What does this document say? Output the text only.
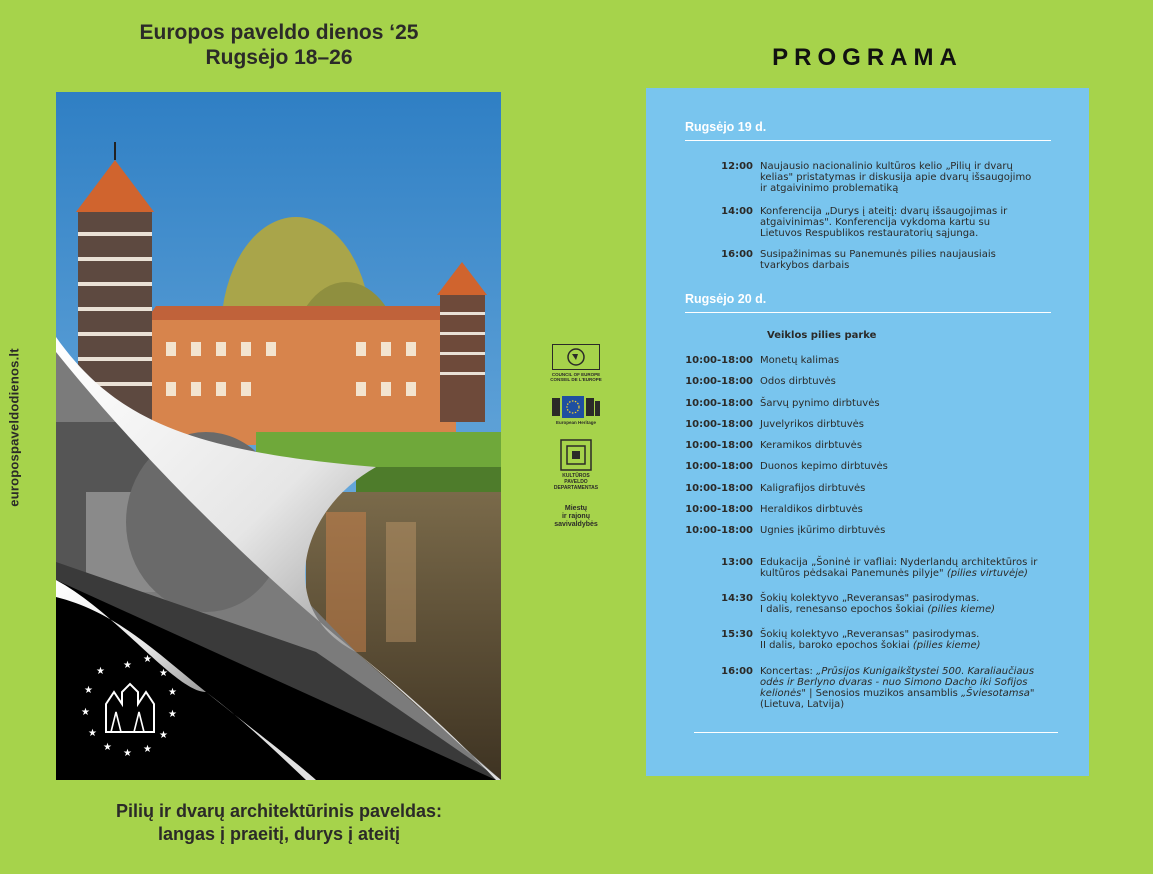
Europos paveldo dienos ‘25
Rugsėjo 18–26
europospaveldodienos.lt
★
★
★
★
★
★
★
★
★
★
★
★
★
Pilių ir dvarų architektūrinis paveldas:
langas į praeitį, durys į ateitį
COUNCIL OF EUROPE CONSEIL DE L'EUROPE
European Heritage
KULTŪROS
PAVELDO
DEPARTAMENTAS
Miestų
ir rajonų
savivaldybės
PROGRAMA
Rugsėjo 19 d.
12:00 Naujausio nacionalinio kultūros kelio „Pilių ir dvarų
kelias" pristatymas ir diskusija apie dvarų išsaugojimo
ir atgaivinimo problematiką
14:00 Konferencija „Durys į ateitį: dvarų išsaugojimas ir
atgaivinimas". Konferencija vykdoma kartu su
Lietuvos Respublikos restauratorių sąjunga.
16:00 Susipažinimas su Panemunės pilies naujausiais
tvarkybos darbais
Rugsėjo 20 d.
Veiklos pilies parke
10:00-18:00 Monetų kalimas
10:00-18:00 Odos dirbtuvės
10:00-18:00 Šarvų pynimo dirbtuvės
10:00-18:00 Juvelyrikos dirbtuvės
10:00-18:00 Keramikos dirbtuvės
10:00-18:00 Duonos kepimo dirbtuvės
10:00-18:00 Kaligrafijos dirbtuvės
10:00-18:00 Heraldikos dirbtuvės
10:00-18:00 Ugnies įkūrimo dirbtuvės
13:00 Edukacija „Šoninė ir vafliai: Nyderlandų architektūros ir
kultūros pėdsakai Panemunės pilyje" (pilies virtuvėje)
14:30 Šokių kolektyvo „Reveransas" pasirodymas.
I dalis, renesanso epochos šokiai (pilies kieme)
15:30 Šokių kolektyvo „Reveransas" pasirodymas.
II dalis, baroko epochos šokiai (pilies kieme)
16:00 Koncertas: „Prūsijos Kunigaikštystei 500. Karaliaučiaus
odės ir Berlyno dvaras - nuo Simono Dacho iki Sofijos
kelionės" | Senosios muzikos ansamblis „Šviesotamsa"
(Lietuva, Latvija)
